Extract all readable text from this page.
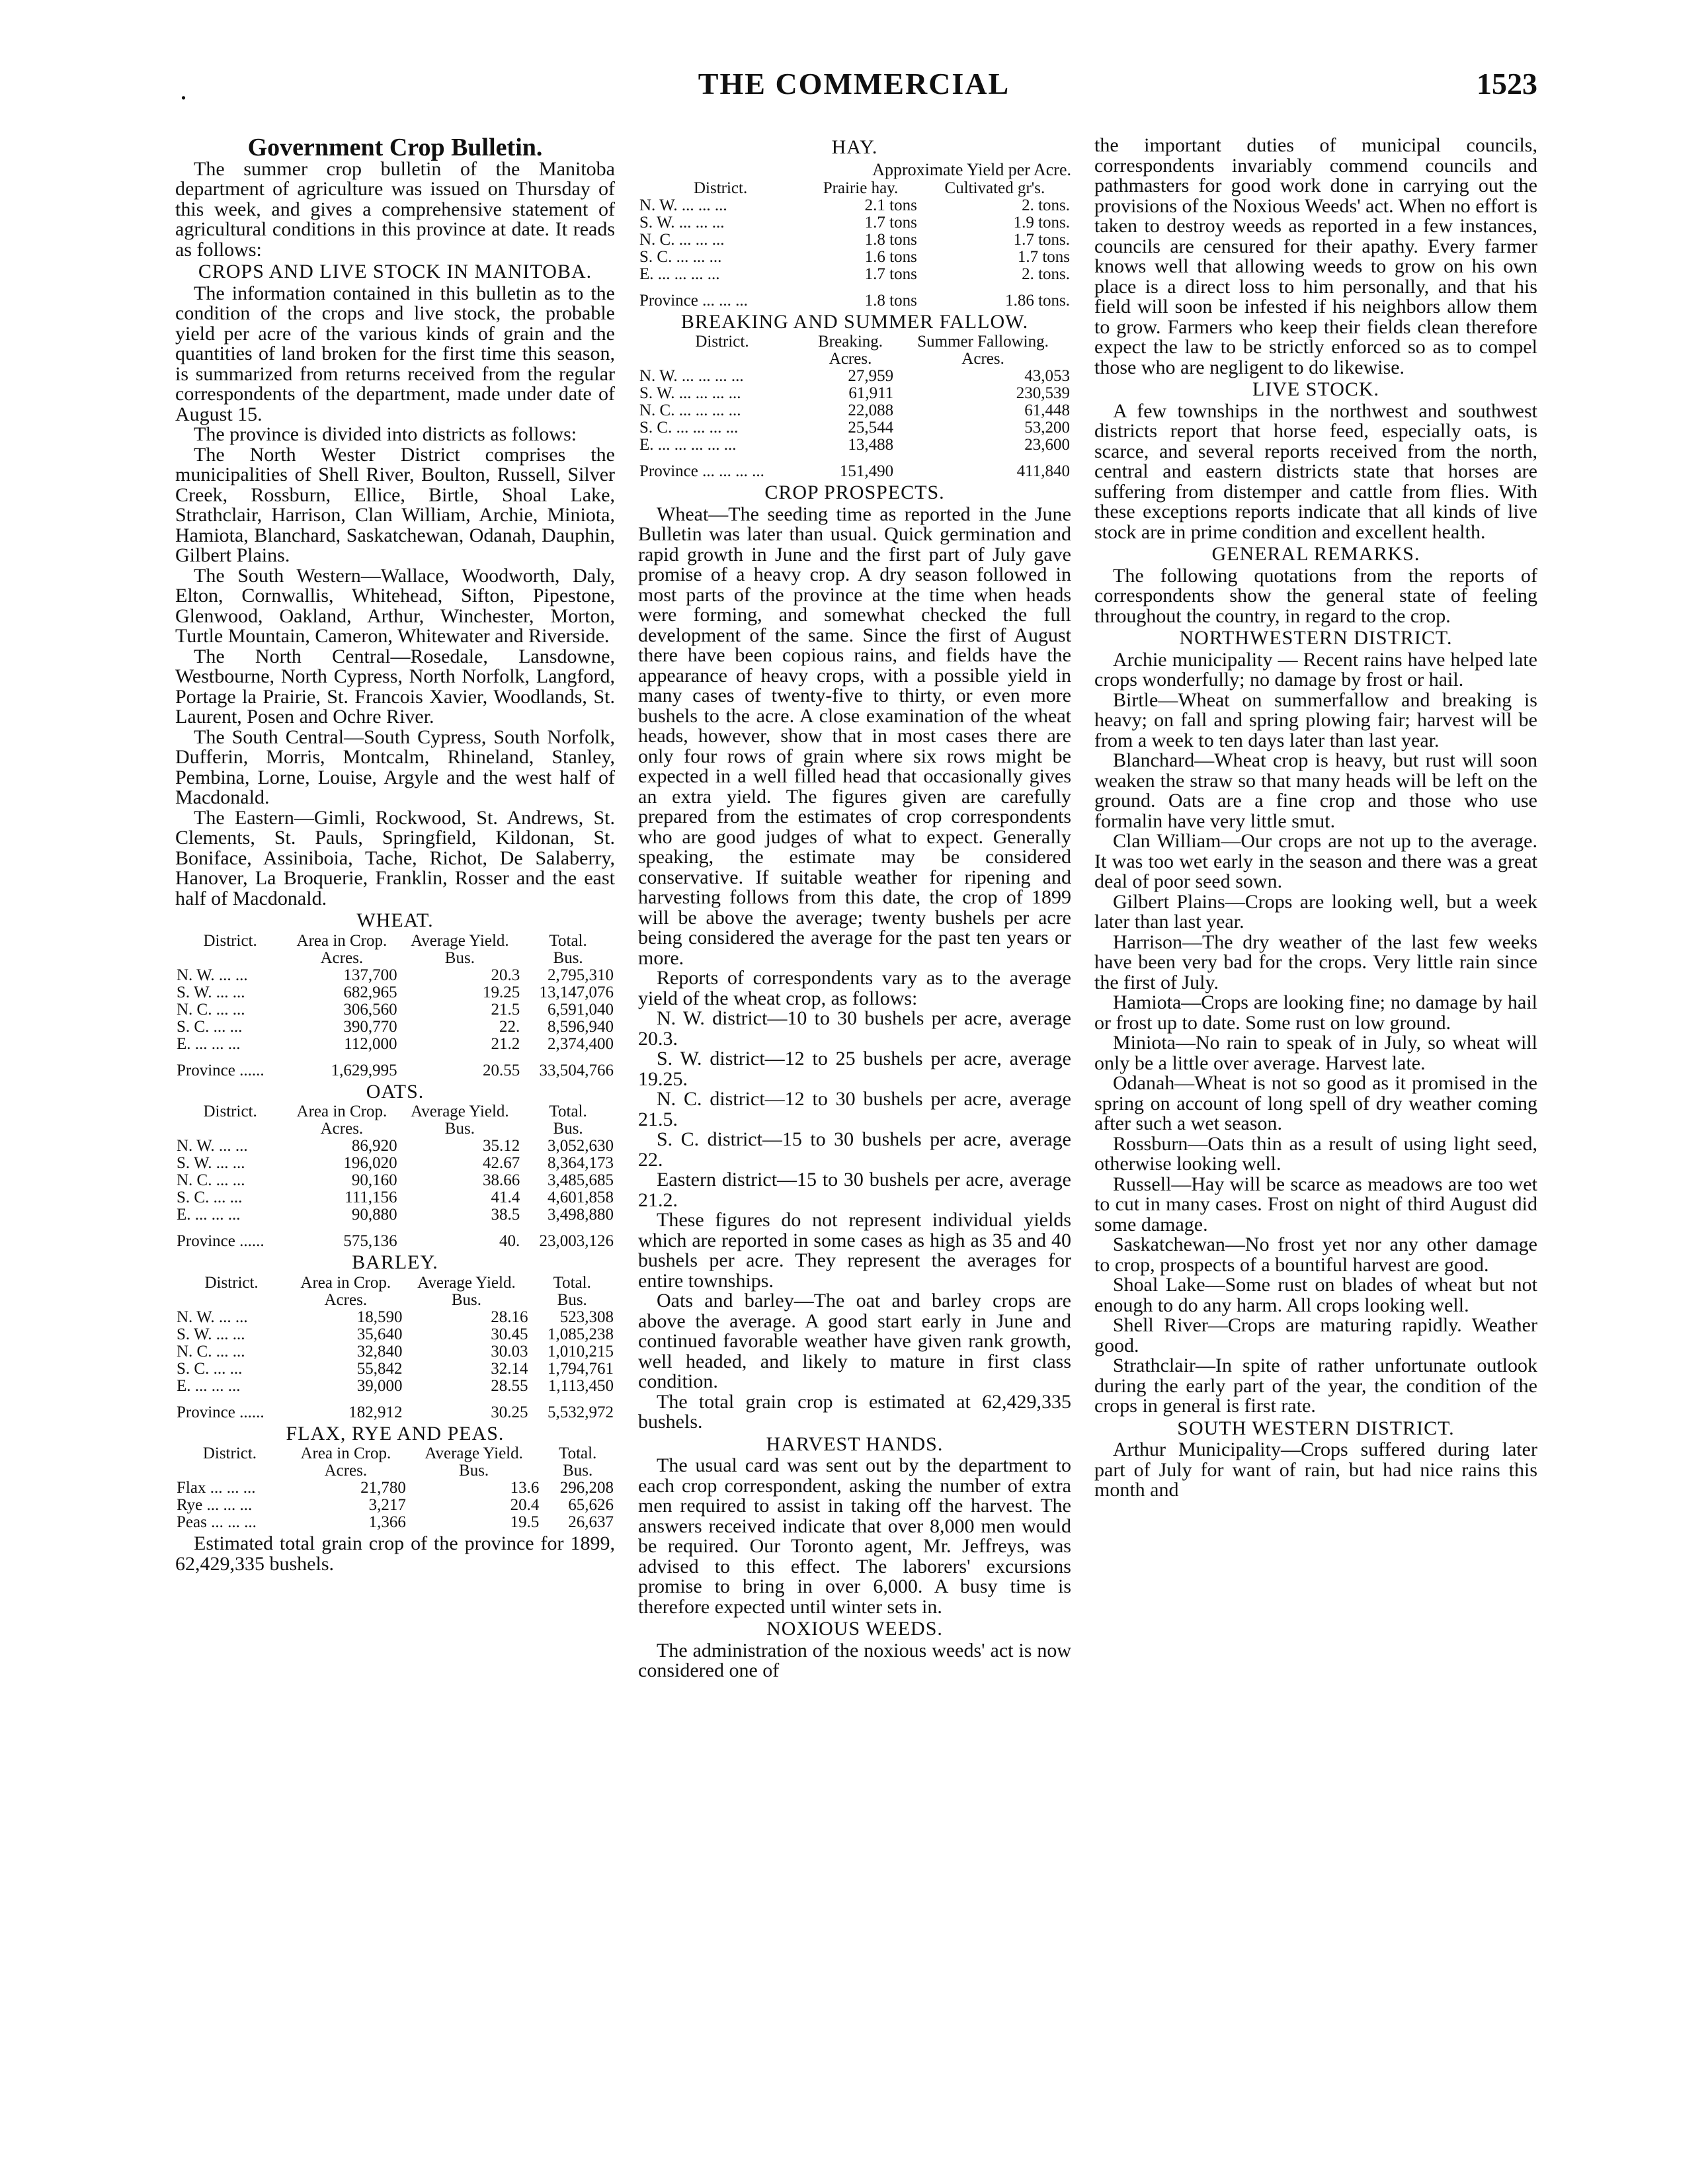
.	THE COMMERCIAL	1523
Government Crop Bulletin.

The summer crop bulletin of the Manitoba department of agriculture was issued on Thursday of this week, and gives a comprehensive statement of agricultural conditions in this province at date. It reads as follows:

CROPS AND LIVE STOCK IN MANITOBA.

The information contained in this bulletin as to the condition of the crops and live stock, the probable yield per acre of the various kinds of grain and the quantities of land broken for the first time this season, is summarized from returns received from the regular correspondents of the department, made under date of August 15.

The province is divided into districts as follows:

The North Wester District comprises the municipalities of Shell River, Boulton, Russell, Silver Creek, Rossburn, Ellice, Birtle, Shoal Lake, Strathclair, Harrison, Clan William, Archie, Miniota, Hamiota, Blanchard, Saskatchewan, Odanah, Dauphin, Gilbert Plains.

The South Western—Wallace, Woodworth, Daly, Elton, Cornwallis, Whitehead, Sifton, Pipestone, Glenwood, Oakland, Arthur, Winchester, Morton, Turtle Mountain, Cameron, Whitewater and Riverside.

The North Central—Rosedale, Lansdowne, Westbourne, North Cypress, North Norfolk, Langford, Portage la Prairie, St. Francois Xavier, Woodlands, St. Laurent, Posen and Ochre River.

The South Central—South Cypress, South Norfolk, Dufferin, Morris, Montcalm, Rhineland, Stanley, Pembina, Lorne, Louise, Argyle and the west half of Macdonald.

The Eastern—Gimli, Rockwood, St. Andrews, St. Clements, St. Pauls, Springfield, Kildonan, St. Boniface, Assiniboia, Tache, Richot, De Salaberry, Hanover, La Broquerie, Franklin, Rosser and the east half of Macdonald.

WHEAT.
District.	Area in Crop.	Average Yield.	Total.
	Acres.	Bus.	Bus.
N. W. ... ...	137,700	20.3	2,795,310
S. W. ... ...	682,965	19.25	13,147,076
N. C. ... ...	306,560	21.5	6,591,040
S. C. ... ...	390,770	22.	8,596,940
E. ... ... ...	112,000	21.2	2,374,400
Province ......	1,629,995	20.55	33,504,766
OATS.
District.	Area in Crop.	Average Yield.	Total.
	Acres.	Bus.	Bus.
N. W. ... ...	86,920	35.12	3,052,630
S. W. ... ...	196,020	42.67	8,364,173
N. C. ... ...	90,160	38.66	3,485,685
S. C. ... ...	111,156	41.4	4,601,858
E. ... ... ...	90,880	38.5	3,498,880
Province ......	575,136	40.	23,003,126
BARLEY.
District.	Area in Crop.	Average Yield.	Total.
	Acres.	Bus.	Bus.
N. W. ... ...	18,590	28.16	523,308
S. W. ... ...	35,640	30.45	1,085,238
N. C. ... ...	32,840	30.03	1,010,215
S. C. ... ...	55,842	32.14	1,794,761
E. ... ... ...	39,000	28.55	1,113,450
Province ......	182,912	30.25	5,532,972
FLAX, RYE AND PEAS.
District.	Area in Crop.	Average Yield.	Total.
	Acres.	Bus.	Bus.
Flax ... ... ...	21,780	13.6	296,208
Rye ... ... ...	3,217	20.4	65,626
Peas ... ... ...	1,366	19.5	26,637

Estimated total grain crop of the province for 1899, 62,429,335 bushels.

HAY.
Approximate Yield per Acre.
District.	Prairie hay.	Cultivated gr's.
N. W. ... ... ...	2.1 tons	2. tons.
S. W. ... ... ...	1.7 tons	1.9 tons.
N. C. ... ... ...	1.8 tons	1.7 tons.
S. C. ... ... ...	1.6 tons	1.7 tons
E. ... ... ... ...	1.7 tons	2. tons.
Province ... ... ...	1.8 tons	1.86 tons.
BREAKING AND SUMMER FALLOW.
District.	Breaking.	Summer Fallowing.
	Acres.	Acres.
N. W. ... ... ... ...	27,959	43,053
S. W. ... ... ... ...	61,911	230,539
N. C. ... ... ... ...	22,088	61,448
S. C. ... ... ... ...	25,544	53,200
E. ... ... ... ... ...	13,488	23,600
Province ... ... ... ...	151,490	411,840
CROP PROSPECTS.

Wheat—The seeding time as reported in the June Bulletin was later than usual. Quick germination and rapid growth in June and the first part of July gave promise of a heavy crop. A dry season followed in most parts of the province at the time when heads were forming, and somewhat checked the full development of the same. Since the first of August there have been copious rains, and fields have the appearance of heavy crops, with a possible yield in many cases of twenty-five to thirty, or even more bushels to the acre. A close examination of the wheat heads, however, show that in most cases there are only four rows of grain where six rows might be expected in a well filled head that occasionally gives an extra yield. The figures given are carefully prepared from the estimates of crop correspondents who are good judges of what to expect. Generally speaking, the estimate may be considered conservative. If suitable weather for ripening and harvesting follows from this date, the crop of 1899 will be above the average; twenty bushels per acre being considered the average for the past ten years or more.

Reports of correspondents vary as to the average yield of the wheat crop, as follows:

N. W. district—10 to 30 bushels per acre, average 20.3.

S. W. district—12 to 25 bushels per acre, average 19.25.

N. C. district—12 to 30 bushels per acre, average 21.5.

S. C. district—15 to 30 bushels per acre, average 22.

Eastern district—15 to 30 bushels per acre, average 21.2.

These figures do not represent individual yields which are reported in some cases as high as 35 and 40 bushels per acre. They represent the averages for entire townships.

Oats and barley—The oat and barley crops are above the average. A good start early in June and continued favorable weather have given rank growth, well headed, and likely to mature in first class condition.

The total grain crop is estimated at 62,429,335 bushels.

HARVEST HANDS.

The usual card was sent out by the department to each crop correspondent, asking the number of extra men required to assist in taking off the harvest. The answers received indicate that over 8,000 men would be required. Our Toronto agent, Mr. Jeffreys, was advised to this effect. The laborers' excursions promise to bring in over 6,000. A busy time is therefore expected until winter sets in.

NOXIOUS WEEDS.

The administration of the noxious weeds' act is now considered one of

the important duties of municipal councils, correspondents invariably commend councils and pathmasters for good work done in carrying out the provisions of the Noxious Weeds' act. When no effort is taken to destroy weeds as reported in a few instances, councils are censured for their apathy. Every farmer knows well that allowing weeds to grow on his own place is a direct loss to him personally, and that his field will soon be infested if his neighbors allow them to grow. Farmers who keep their fields clean therefore expect the law to be strictly enforced so as to compel those who are negligent to do likewise.

LIVE STOCK.

A few townships in the northwest and southwest districts report that horse feed, especially oats, is scarce, and several reports received from the north, central and eastern districts state that horses are suffering from distemper and cattle from flies. With these exceptions reports indicate that all kinds of live stock are in prime condition and excellent health.

GENERAL REMARKS.

The following quotations from the reports of correspondents show the general state of feeling throughout the country, in regard to the crop.

NORTHWESTERN DISTRICT.

Archie municipality — Recent rains have helped late crops wonderfully; no damage by frost or hail.

Birtle—Wheat on summerfallow and breaking is heavy; on fall and spring plowing fair; harvest will be from a week to ten days later than last year.

Blanchard—Wheat crop is heavy, but rust will soon weaken the straw so that many heads will be left on the ground. Oats are a fine crop and those who use formalin have very little smut.

Clan William—Our crops are not up to the average. It was too wet early in the season and there was a great deal of poor seed sown.

Gilbert Plains—Crops are looking well, but a week later than last year.

Harrison—The dry weather of the last few weeks have been very bad for the crops. Very little rain since the first of July.

Hamiota—Crops are looking fine; no damage by hail or frost up to date. Some rust on low ground.

Miniota—No rain to speak of in July, so wheat will only be a little over average. Harvest late.

Odanah—Wheat is not so good as it promised in the spring on account of long spell of dry weather coming after such a wet season.

Rossburn—Oats thin as a result of using light seed, otherwise looking well.

Russell—Hay will be scarce as meadows are too wet to cut in many cases. Frost on night of third August did some damage.

Saskatchewan—No frost yet nor any other damage to crop, prospects of a bountiful harvest are good.

Shoal Lake—Some rust on blades of wheat but not enough to do any harm. All crops looking well.

Shell River—Crops are maturing rapidly. Weather good.

Strathclair—In spite of rather unfortunate outlook during the early part of the year, the condition of the crops in general is first rate.

SOUTH WESTERN DISTRICT.

Arthur Municipality—Crops suffered during later part of July for want of rain, but had nice rains this month and
